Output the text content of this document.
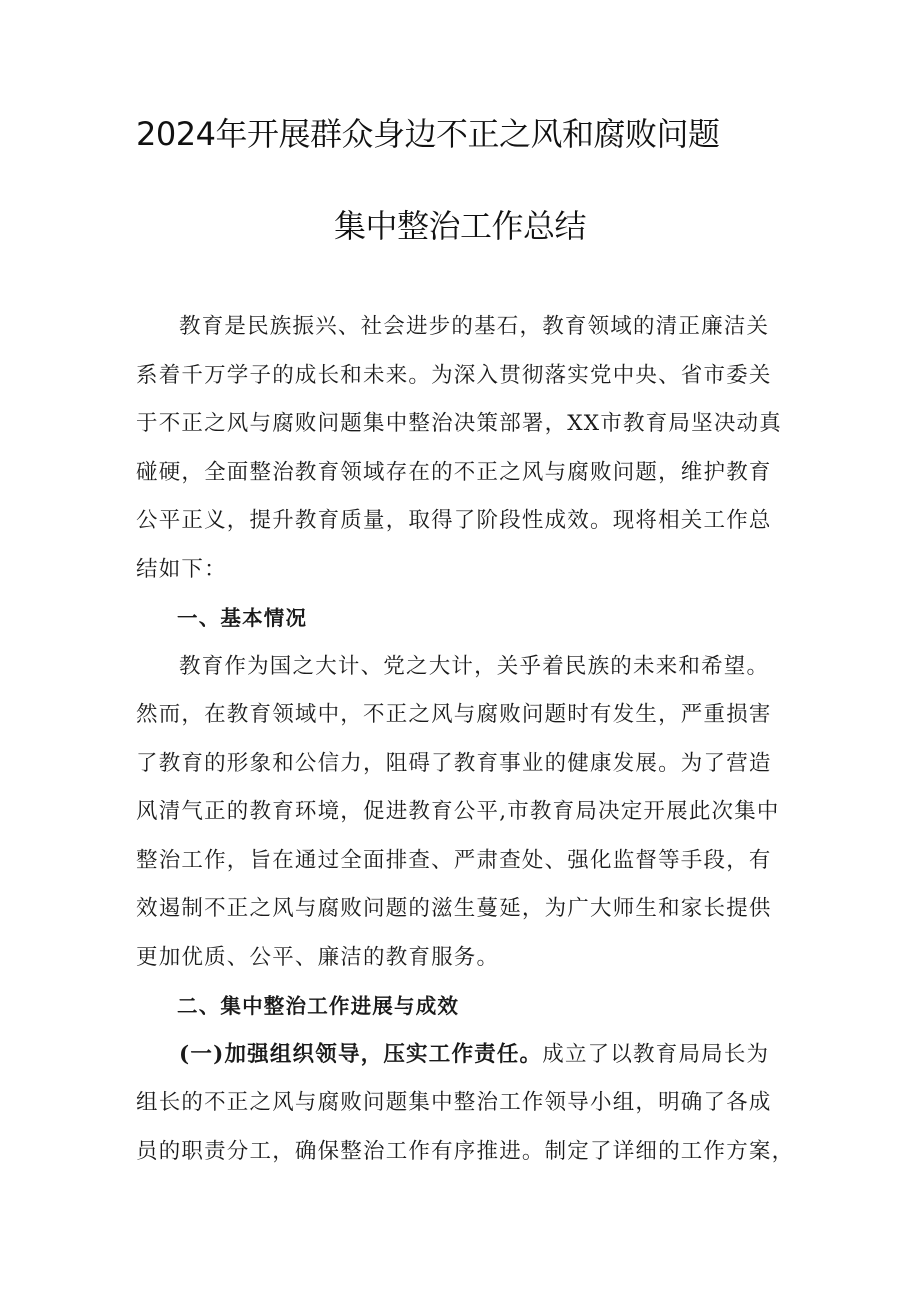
2024年开展群众身边不正之风和腐败问题
集中整治工作总结

教育是民族振兴、社会进步的基石，教育领域的清正廉洁关
系着千万学子的成长和未来。为深入贯彻落实党中央、省市委关
于不正之风与腐败问题集中整治决策部署，XX市教育局坚决动真
碰硬，全面整治教育领域存在的不正之风与腐败问题，维护教育
公平正义，提升教育质量，取得了阶段性成效。现将相关工作总
结如下：

一、基本情况

教育作为国之大计、党之大计，关乎着民族的未来和希望。
然而，在教育领域中，不正之风与腐败问题时有发生，严重损害
了教育的形象和公信力，阻碍了教育事业的健康发展。为了营造
风清气正的教育环境，促进教育公平,市教育局决定开展此次集中
整治工作，旨在通过全面排查、严肃查处、强化监督等手段，有
效遏制不正之风与腐败问题的滋生蔓延，为广大师生和家长提供
更加优质、公平、廉洁的教育服务。

二、集中整治工作进展与成效

(一)加强组织领导，压实工作责任。成立了以教育局局长为
组长的不正之风与腐败问题集中整治工作领导小组，明确了各成
员的职责分工，确保整治工作有序推进。制定了详细的工作方案，
